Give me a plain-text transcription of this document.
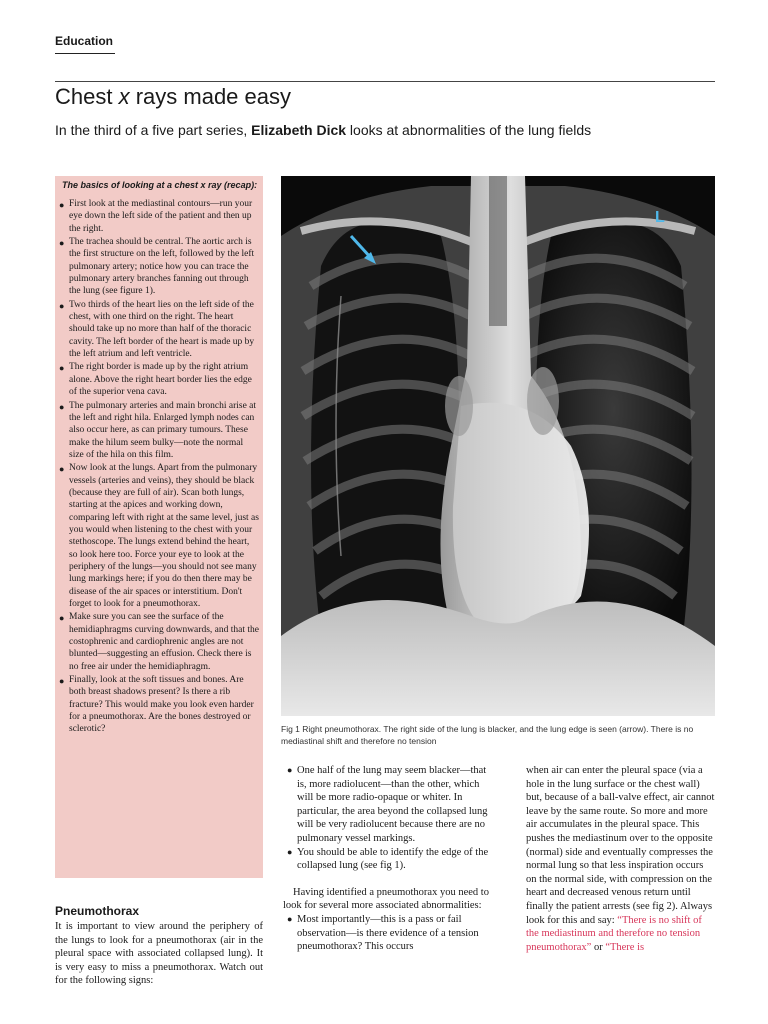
Education
Chest x rays made easy
In the third of a five part series, Elizabeth Dick looks at abnormalities of the lung fields
The basics of looking at a chest x ray (recap):
● First look at the mediastinal contours—run your eye down the left side of the patient and then up the right.
● The trachea should be central. The aortic arch is the first structure on the left, followed by the left pulmonary artery; notice how you can trace the pulmonary artery branches fanning out through the lung (see figure 1).
● Two thirds of the heart lies on the left side of the chest, with one third on the right. The heart should take up no more than half of the thoracic cavity. The left border of the heart is made up by the left atrium and left ventricle.
● The right border is made up by the right atrium alone. Above the right heart border lies the edge of the superior vena cava.
● The pulmonary arteries and main bronchi arise at the left and right hila. Enlarged lymph nodes can also occur here, as can primary tumours. These make the hilum seem bulky—note the normal size of the hila on this film.
● Now look at the lungs. Apart from the pulmonary vessels (arteries and veins), they should be black (because they are full of air). Scan both lungs, starting at the apices and working down, comparing left with right at the same level, just as you would when listening to the chest with your stethoscope. The lungs extend behind the heart, so look here too. Force your eye to look at the periphery of the lungs—you should not see many lung markings here; if you do then there may be disease of the air spaces or interstitium. Don't forget to look for a pneumothorax.
● Make sure you can see the surface of the hemidiaphragms curving downwards, and that the costophrenic and cardiophrenic angles are not blunted—suggesting an effusion. Check there is no free air under the hemidiaphragm.
● Finally, look at the soft tissues and bones. Are both breast shadows present? Is there a rib fracture? This would make you look even harder for a pneumothorax. Are the bones destroyed or sclerotic?
L
Fig 1 Right pneumothorax. The right side of the lung is blacker, and the lung edge is seen (arrow). There is no mediastinal shift and therefore no tension
Pneumothorax
It is important to view around the periphery of the lungs to look for a pneumothorax (air in the pleural space with associated collapsed lung). It is very easy to miss a pneumothorax. Watch out for the following signs:
● One half of the lung may seem blacker—that is, more radiolucent—than the other, which will be more radio-opaque or whiter. In particular, the area beyond the collapsed lung will be very radiolucent because there are no pulmonary vessel markings.
● You should be able to identify the edge of the collapsed lung (see fig 1).

Having identified a pneumothorax you need to look for several more associated abnormalities:

● Most importantly—this is a pass or fail observation—is there evidence of a tension pneumothorax? This occurs
when air can enter the pleural space (via a hole in the lung surface or the chest wall) but, because of a ball-valve effect, air cannot leave by the same route. So more and more air accumulates in the pleural space. This pushes the mediastinum over to the opposite (normal) side and eventually compresses the normal lung so that less inspiration occurs on the normal side, with compression on the heart and decreased venous return until finally the patient arrests (see fig 2). Always look for this and say: “There is no shift of the mediastinum and therefore no tension pneumothorax” or “There is
